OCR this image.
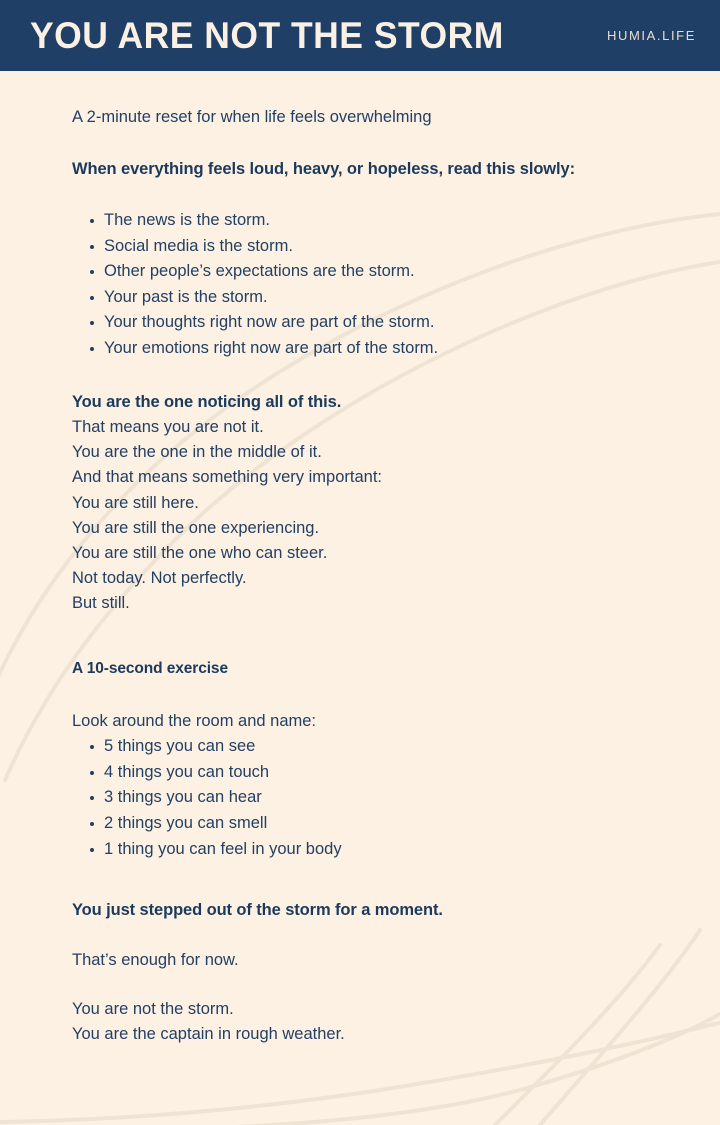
YOU ARE NOT THE STORM	HUMIA.LIFE

A 2-minute reset for when life feels overwhelming

When everything feels loud, heavy, or hopeless, read this slowly:

The news is the storm.
Social media is the storm.
Other people’s expectations are the storm.
Your past is the storm.
Your thoughts right now are part of the storm.
Your emotions right now are part of the storm.

You are the one noticing all of this.

That means you are not it.

You are the one in the middle of it.

And that means something very important:

You are still here.

You are still the one experiencing.

You are still the one who can steer.

Not today. Not perfectly.

But still.

A 10-second exercise

Look around the room and name:

5 things you can see
4 things you can touch
3 things you can hear
2 things you can smell
1 thing you can feel in your body

You just stepped out of the storm for a moment.

That’s enough for now.

You are not the storm.

You are the captain in rough weather.
